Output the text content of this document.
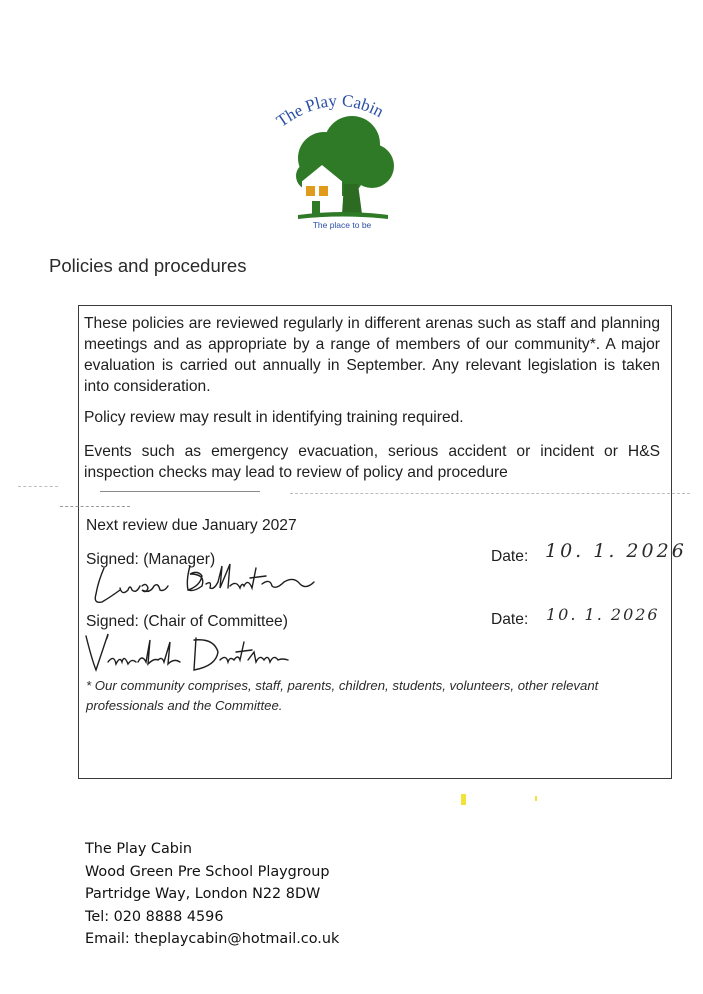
The Play Cabin
The place to be
Policies and procedures
These policies are reviewed regularly in different arenas such as staff and planning meetings and as appropriate by a range of members of our community*. A major evaluation is carried out annually in September. Any relevant legislation is taken into consideration.
Policy review may result in identifying training required.
Events such as emergency evacuation, serious accident or incident or H&S inspection checks may lead to review of policy and procedure
Next review due January 2027
Signed: (Manager)	Date: 10. 1. 2026
Signed: (Chair of Committee)	Date: 10. 1. 2026
* Our community comprises, staff, parents, children, students, volunteers, other relevant professionals and the Committee.
The Play Cabin
Wood Green Pre School Playgroup
Partridge Way, London N22 8DW
Tel: 020 8888 4596
Email: theplaycabin@hotmail.co.uk
